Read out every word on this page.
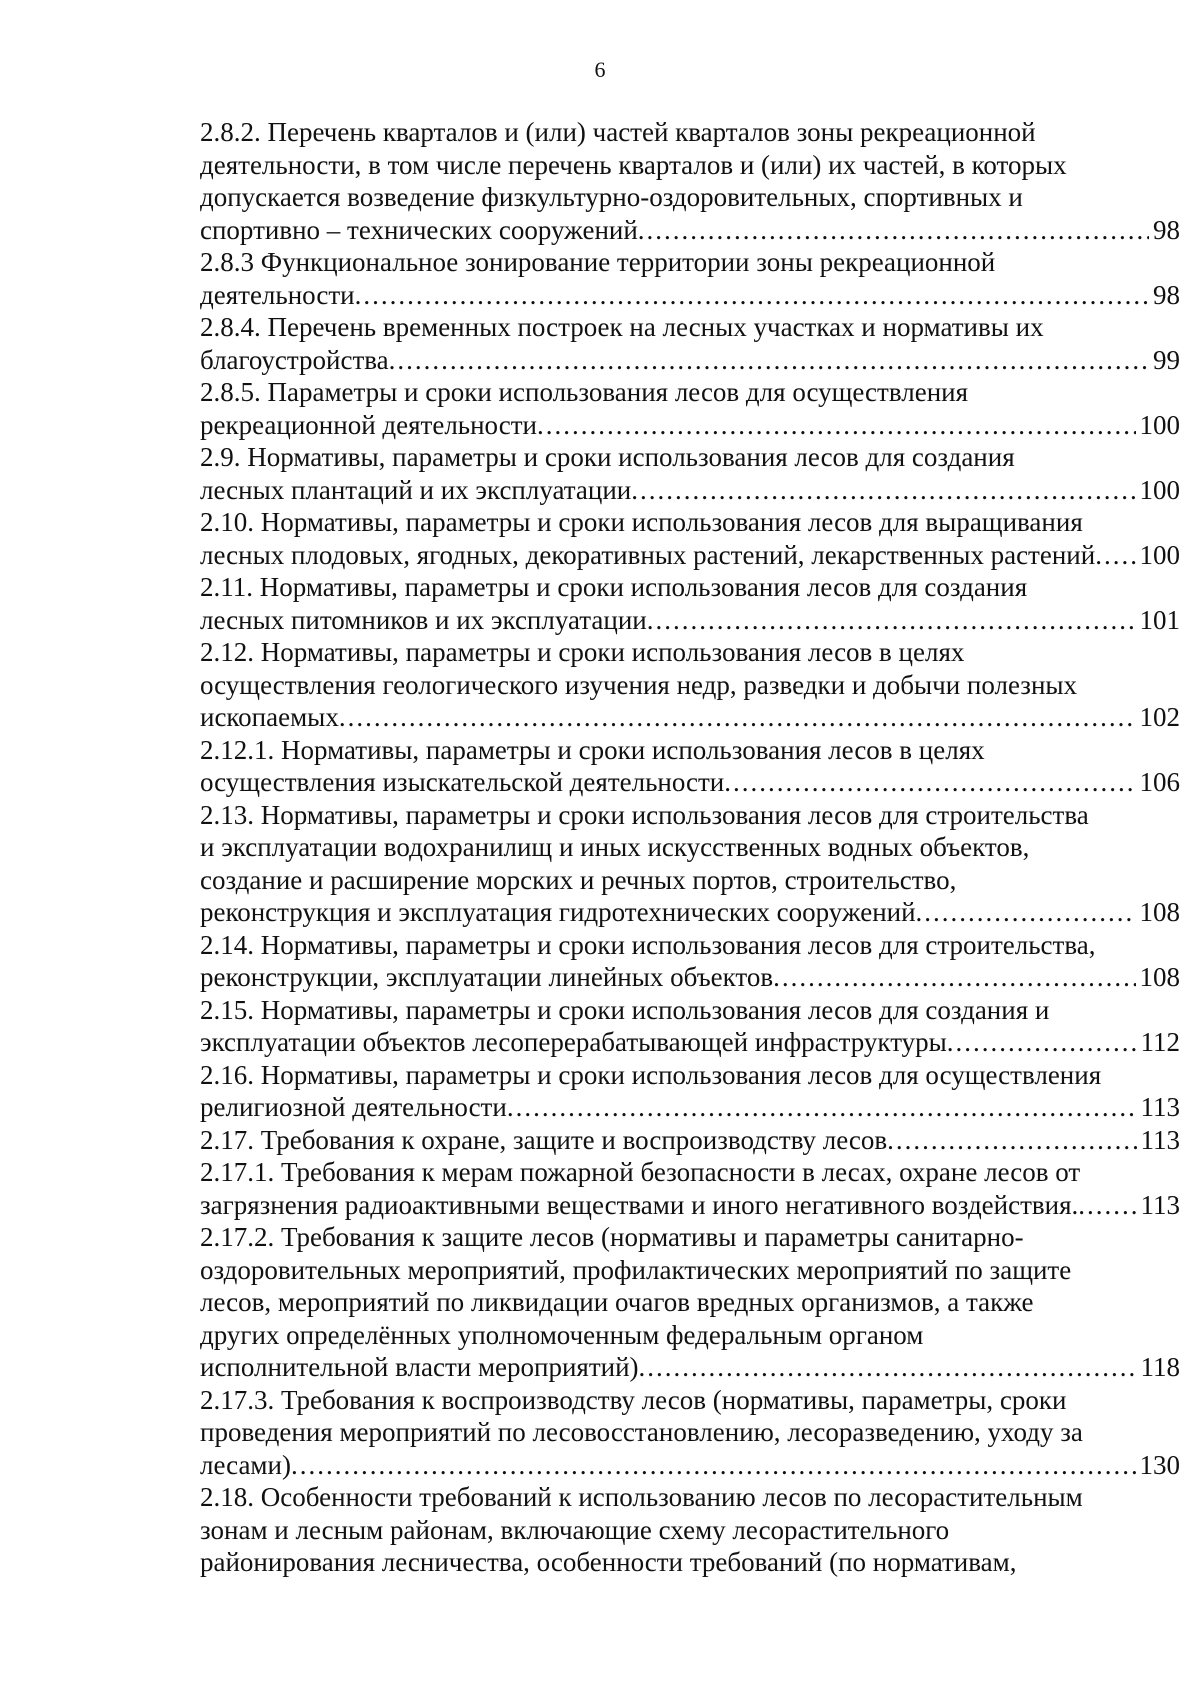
6
2.8.2. Перечень кварталов и (или) частей кварталов зоны рекреационной
деятельности, в том числе перечень кварталов и (или) их частей, в которых
допускается возведение физкультурно-оздоровительных, спортивных и
спортивно – технических сооружений .....	98
2.8.3 Функциональное зонирование территории зоны рекреационной
деятельности .....	98
2.8.4. Перечень временных построек на лесных участках и нормативы их
благоустройства .....	99
2.8.5. Параметры и сроки использования лесов для осуществления
рекреационной деятельности .....	100
2.9. Нормативы, параметры и сроки использования лесов для создания
лесных плантаций и их эксплуатации .....	100
2.10. Нормативы, параметры и сроки использования лесов для выращивания
лесных плодовых, ягодных, декоративных растений, лекарственных растений ..... 100
2.11. Нормативы, параметры и сроки использования лесов для создания
лесных питомников и их эксплуатации .....	101
2.12. Нормативы, параметры и сроки использования лесов в целях
осуществления геологического изучения недр, разведки и добычи полезных
ископаемых .....	102
2.12.1. Нормативы, параметры и сроки использования лесов в целях
осуществления изыскательской деятельности .....	106
2.13. Нормативы, параметры и сроки использования лесов для строительства
и эксплуатации водохранилищ и иных искусственных водных объектов,
создание и расширение морских и речных портов, строительство,
реконструкция и эксплуатация гидротехнических сооружений .....	108
2.14. Нормативы, параметры и сроки использования лесов для строительства,
реконструкции, эксплуатации линейных объектов .....	108
2.15. Нормативы, параметры и сроки использования лесов для создания и
эксплуатации объектов лесоперерабатывающей инфраструктуры .....	112
2.16. Нормативы, параметры и сроки использования лесов для осуществления
религиозной деятельности .....	113
2.17. Требования к охране, защите и воспроизводству лесов .....	113
2.17.1. Требования к мерам пожарной безопасности в лесах, охране лесов от
загрязнения радиоактивными веществами и иного негативного воздействия. ..... 113
2.17.2. Требования к защите лесов (нормативы и параметры санитарно-
оздоровительных мероприятий, профилактических мероприятий по защите
лесов, мероприятий по ликвидации очагов вредных организмов, а также
других определённых уполномоченным федеральным органом
исполнительной власти мероприятий) .....	118
2.17.3. Требования к воспроизводству лесов (нормативы, параметры, сроки
проведения мероприятий по лесовосстановлению, лесоразведению, уходу за
лесами) .....	130
2.18. Особенности требований к использованию лесов по лесорастительным
зонам и лесным районам, включающие схему лесорастительного
районирования лесничества, особенности требований (по нормативам,
